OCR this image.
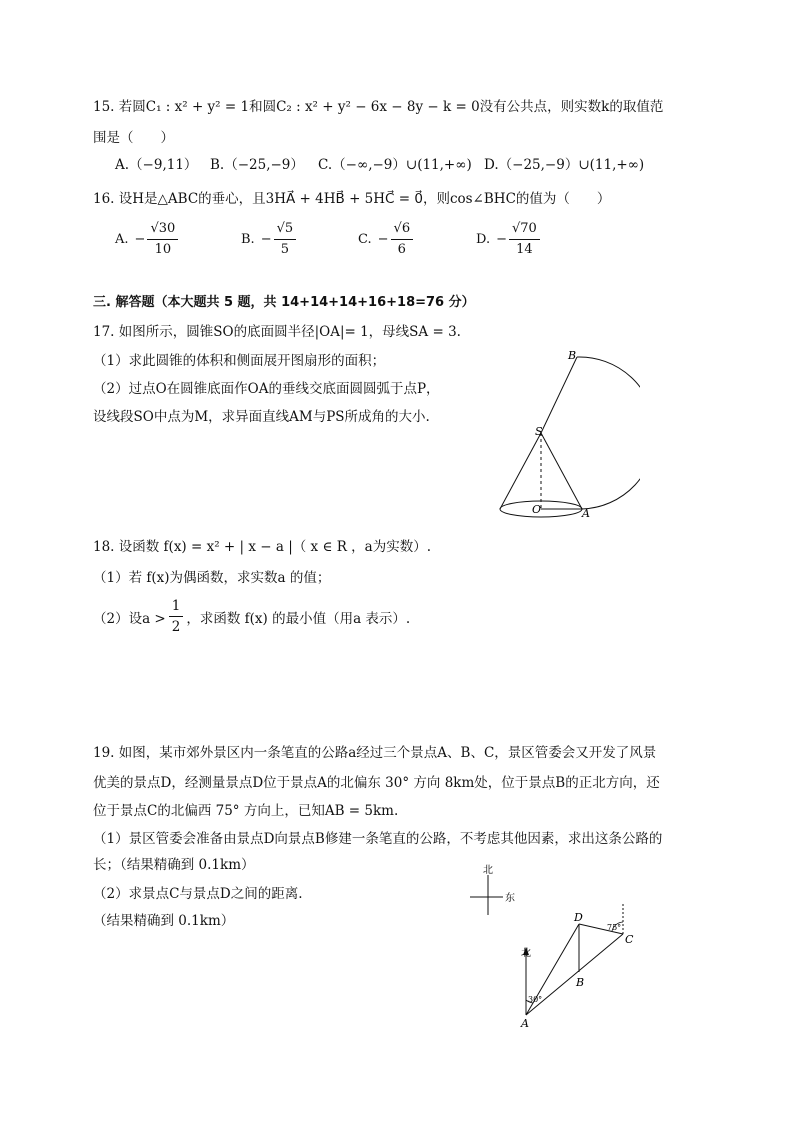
15. 若圆C₁ : x² + y² = 1和圆C₂ : x² + y² − 6x − 8y − k = 0没有公共点，则实数k的取值范
围是（　　）
A.（−9,11） B.（−25,−9） C.（−∞,−9）∪(11,+∞) D.（−25,−9）∪(11,+∞)
16. 设H是△ABC的垂心，且3HA⃗ + 4HB⃗ + 5HC⃗ = 0⃗，则cos∠BHC的值为（　　）
A. − $\frac{√30}{10}$	B. − $\frac{√5}{5}$	C. − $\frac{√6}{6}$	D. − $\frac{√70}{14}$
三. 解答题（本大题共 5 题，共 14+14+14+16+18=76 分）
17. 如图所示，圆锥SO的底面圆半径|OA|= 1，母线SA = 3.
（1）求此圆锥的体积和侧面展开图扇形的面积；
（2）过点O在圆锥底面作OA的垂线交底面圆圆弧于点P，
设线段SO中点为M，求异面直线AM与PS所成角的大小.
B
S
O	A
18. 设函数 f(x) = x² + | x − a |（ x ∈ R ，a为实数）.
（1）若 f(x)为偶函数，求实数a 的值；
（2）设$a > \frac{1}{2}$ ，求函数 f(x) 的最小值（用a 表示）.
19. 如图，某市郊外景区内一条笔直的公路a经过三个景点A、B、C，景区管委会又开发了风景
优美的景点D，经测量景点D位于景点A的北偏东 30° 方向 8km处，位于景点B的正北方向，还
位于景点C的北偏西 75° 方向上，已知AB = 5km.
（1）景区管委会准备由景点D向景点B修建一条笔直的公路，不考虑其他因素，求出这条公路的
长；（结果精确到 0.1km）
（2）求景点C与景点D之间的距离.
（结果精确到 0.1km）
北
东
北
30°
75°
D
C
B
A
